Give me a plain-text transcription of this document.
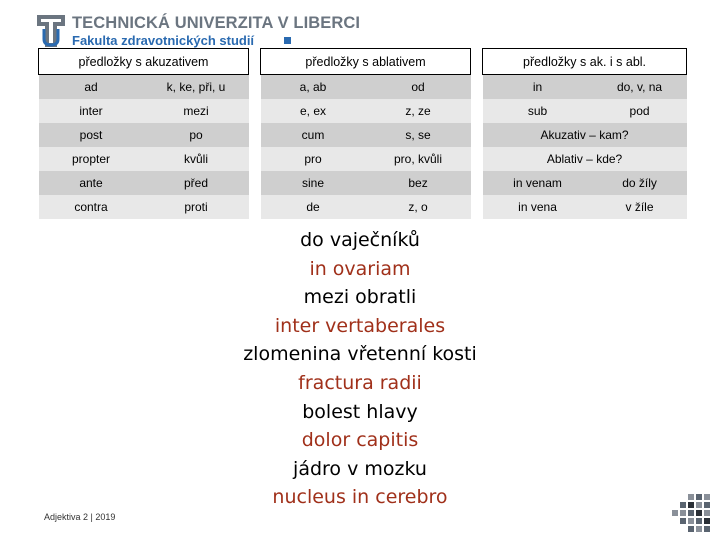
TECHNICKÁ UNIVERZITA V LIBERCI
Fakulta zdravotnických studií
předložky s akuzativem			předložky s ablativem			předložky s ak. i s abl.	
ad	k, ke, při, u		a, ab	od		in	do, v, na
inter	mezi		e, ex	z, ze		sub	pod
post	po		cum	s, se		Akuzativ – kam?	
propter	kvůli		pro	pro, kvůli		Ablativ – kde?	
ante	před		sine	bez		in venam	do žíly
contra	proti		de	z, o		in vena	v žíle
do vaječníků
in ovariam
mezi obratli
inter vertaberales
zlomenina vřetenní kosti
fractura radii
bolest hlavy
dolor capitis
jádro v mozku
nucleus in cerebro
Adjektiva 2 | 2019
